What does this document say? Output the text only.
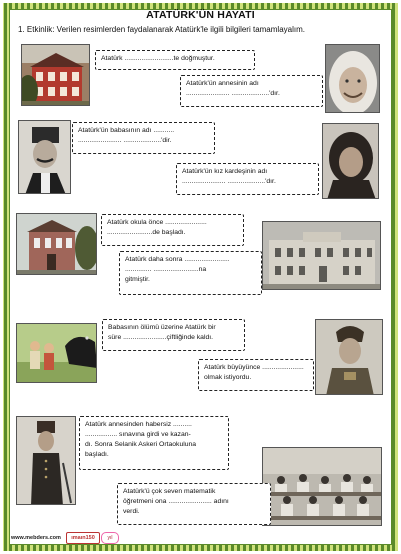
ATATÜRK'ÜN HAYATI
1. Etkinlik: Verilen resimlerden faydalanarak Atatürk'le ilgili bilgileri tamamlayalım.
Atatürk ..........................te doğmuştur.
Atatürk'ün annesinin adı
....................... ....................'dır.
Atatürk'ün babasının adı ...........
....................... ....................'dir.
Atatürk'ün kız kardeşinin adı
....................... ....................'dır.
Atatürk okula önce ......................
........................de başladı.
Atatürk daha sonra ........................
.............. ........................na
gitmiştir.
Babasının ölümü üzerine Atatürk bir
süre .......................çiftliğinde kaldı.
Atatürk büyüyünce ......................
olmak istiyordu.
Atatürk annesinden habersiz ..........
................. sınavına girdi ve kazan-
dı. Sonra Selanik Askeri Ortaokuluna
başladı.
Atatürk'ü çok seven matematik
öğretmeni ona ....................... adını
verdi.
www.mebders.com	ımaın150	yıl
